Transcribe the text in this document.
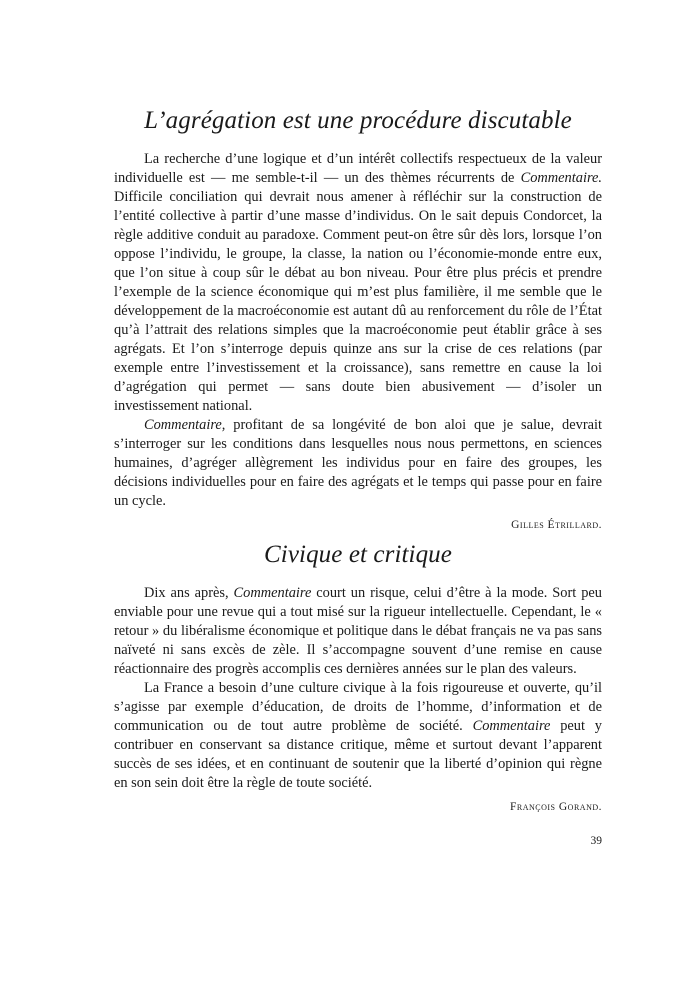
L’agrégation est une procédure discutable

La recherche d’une logique et d’un intérêt collectifs respectueux de la valeur individuelle est — me semble-t-il — un des thèmes récurrents de Commentaire. Difficile conciliation qui devrait nous amener à réfléchir sur la construction de l’entité collective à partir d’une masse d’individus. On le sait depuis Condorcet, la règle additive conduit au paradoxe. Comment peut-on être sûr dès lors, lorsque l’on oppose l’individu, le groupe, la classe, la nation ou l’économie-monde entre eux, que l’on situe à coup sûr le débat au bon niveau. Pour être plus précis et prendre l’exemple de la science économique qui m’est plus familière, il me semble que le développement de la macroéconomie est autant dû au renforcement du rôle de l’État qu’à l’attrait des relations simples que la macroéconomie peut établir grâce à ses agrégats. Et l’on s’interroge depuis quinze ans sur la crise de ces relations (par exemple entre l’investissement et la croissance), sans remettre en cause la loi d’agrégation qui permet — sans doute bien abusivement — d’isoler un investissement national.

Commentaire, profitant de sa longévité de bon aloi que je salue, devrait s’interroger sur les conditions dans lesquelles nous nous permettons, en sciences humaines, d’agréger allègrement les individus pour en faire des groupes, les décisions individuelles pour en faire des agrégats et le temps qui passe pour en faire un cycle.

Gilles Étrillard.
Civique et critique

Dix ans après, Commentaire court un risque, celui d’être à la mode. Sort peu enviable pour une revue qui a tout misé sur la rigueur intellectuelle. Cependant, le « retour » du libéralisme économique et politique dans le débat français ne va pas sans naïveté ni sans excès de zèle. Il s’accompagne souvent d’une remise en cause réactionnaire des progrès accomplis ces dernières années sur le plan des valeurs.

La France a besoin d’une culture civique à la fois rigoureuse et ouverte, qu’il s’agisse par exemple d’éducation, de droits de l’homme, d’information et de communication ou de tout autre problème de société. Commentaire peut y contribuer en conservant sa distance critique, même et surtout devant l’apparent succès de ses idées, et en continuant de soutenir que la liberté d’opinion qui règne en son sein doit être la règle de toute société.

François Gorand.
39
